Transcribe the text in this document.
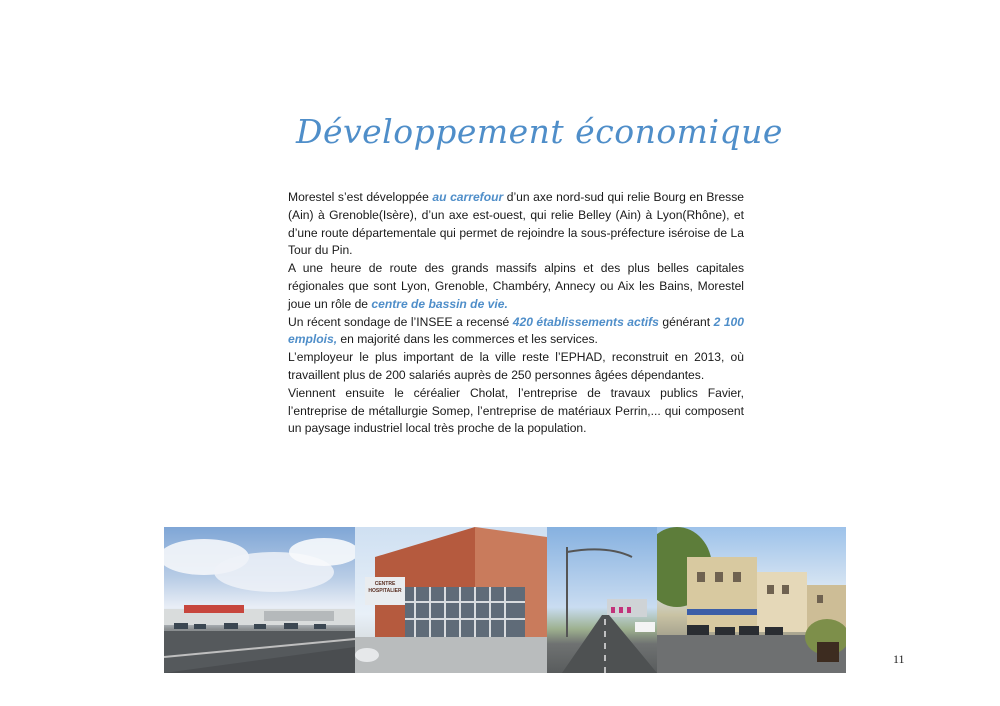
Développement économique

Morestel s’est développée au carrefour d’un axe nord-sud qui relie Bourg en Bresse (Ain) à Grenoble(Isère), d’un axe est-ouest, qui relie Belley (Ain) à Lyon(Rhône), et d’une route départementale qui permet de rejoindre la sous-préfecture iséroise de La Tour du Pin.

A une heure de route des grands massifs alpins et des plus belles capitales régionales que sont Lyon, Grenoble, Chambéry, Annecy ou Aix les Bains, Morestel joue un rôle de centre de bassin de vie.

Un récent sondage de l’INSEE a recensé 420 établissements actifs générant 2 100 emplois, en majorité dans les commerces et les services.

L’employeur le plus important de la ville reste l’EPHAD, reconstruit en 2013, où travaillent plus de 200 salariés auprès de 250 personnes âgées dépendantes.

Viennent ensuite le céréalier Cholat, l’entreprise de travaux publics Favier, l’entreprise de métallurgie Somep, l’entreprise de matériaux Perrin,... qui composent un paysage industriel local très proche de la population.

CENTRE
HOSPITALIER
11
